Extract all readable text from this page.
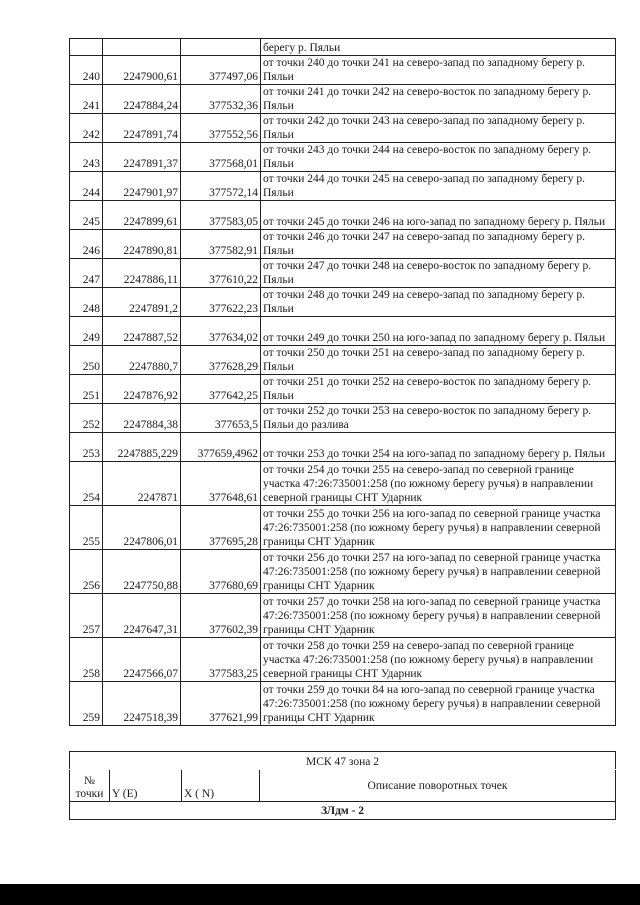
			берегу р. Пяльи
240	2247900,61	377497,06	от точки 240 до точки 241 на северо-запад по западному берегу р. Пяльи
241	2247884,24	377532,36	от точки 241 до точки 242 на северо-восток по западному берегу р. Пяльи
242	2247891,74	377552,56	от точки 242 до точки 243 на северо-запад по западному берегу р. Пяльи
243	2247891,37	377568,01	от точки 243 до точки 244 на северо-восток по западному берегу р. Пяльи
244	2247901,97	377572,14	от точки 244 до точки 245 на северо-запад по западному берегу р. Пяльи
245	2247899,61	377583,05	от точки 245 до точки 246 на юго-запад по западному берегу р. Пяльи
246	2247890,81	377582,91	от точки 246 до точки 247 на северо-запад по западному берегу р. Пяльи
247	2247886,11	377610,22	от точки 247 до точки 248 на северо-восток по западному берегу р. Пяльи
248	2247891,2	377622,23	от точки 248 до точки 249 на северо-запад по западному берегу р. Пяльи
249	2247887,52	377634,02	от точки 249 до точки 250 на юго-запад по западному берегу р. Пяльи
250	2247880,7	377628,29	от точки 250 до точки 251 на северо-запад по западному берегу р. Пяльи
251	2247876,92	377642,25	от точки 251 до точки 252 на северо-восток по западному берегу р. Пяльи
252	2247884,38	377653,5	от точки 252 до точки 253 на северо-восток по западному берегу р. Пяльи до разлива
253	2247885,229	377659,4962	от точки 253 до точки 254 на юго-запад по западному берегу р. Пяльи
254	2247871	377648,61	от точки 254 до точки 255 на северо-запад по северной границе участка 47:26:735001:258 (по южному берегу ручья) в направлении северной границы СНТ Ударник
255	2247806,01	377695,28	от точки 255 до точки 256 на юго-запад по северной границе участка 47:26:735001:258 (по южному берегу ручья) в направлении северной границы СНТ Ударник
256	2247750,88	377680,69	от точки 256 до точки 257 на юго-запад по северной границе участка 47:26:735001:258 (по южному берегу ручья) в направлении северной границы СНТ Ударник
257	2247647,31	377602,39	от точки 257 до точки 258 на юго-запад по северной границе участка 47:26:735001:258 (по южному берегу ручья) в направлении северной границы СНТ Ударник
258	2247566,07	377583,25	от точки 258 до точки 259 на северо-запад по северной границе участка 47:26:735001:258 (по южному берегу ручья) в направлении северной границы СНТ Ударник
259	2247518,39	377621,99	от точки 259 до точки 84 на юго-запад по северной границе участка 47:26:735001:258 (по южному берегу ручья) в направлении северной границы СНТ Ударник
МСК 47 зона 2
№ точки	Y (E)	X ( N)	Описание поворотных точек
ЗЛдм - 2
